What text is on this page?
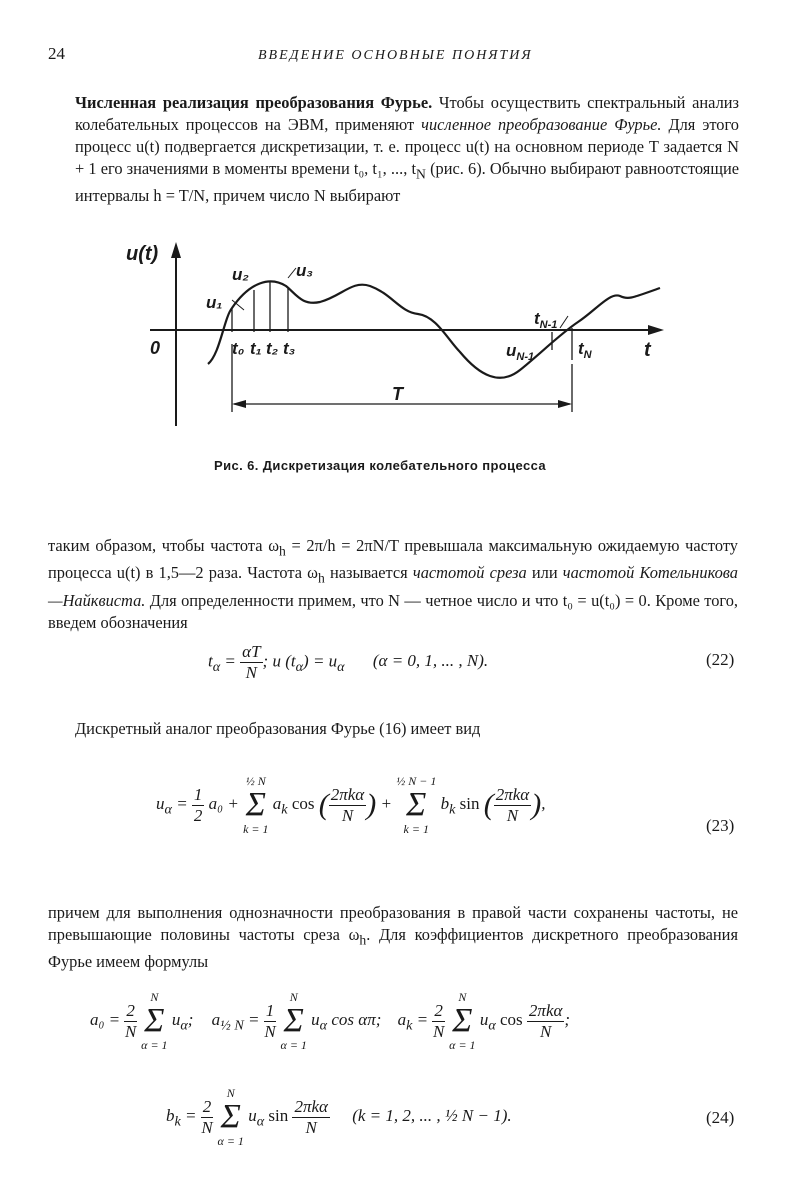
24	ВВЕДЕНИЕ ОСНОВНЫЕ ПОНЯТИЯ
Численная реализация преобразования Фурье. Чтобы осуществить спектральный анализ колебательных процессов на ЭВМ, применяют численное преобразование Фурье. Для этого процесс u(t) подвергается дискретизации, т. е. процесс u(t) на основном периоде T задается N + 1 его значениями в моменты времени t₀, t₁, ..., $t_N$ (рис. 6). Обычно выбирают равноотстоящие интервалы h = T/N, причем число N выбирают
u(t)
t
0
u₁
u₂	u₃
t₀ t₁ t₂ t₃
$t_{N-1}$
$u_{N-1}$	$t_N$
T
Рис. 6. Дискретизация колебательного процесса
таким образом, чтобы частота $\omega_h = 2\pi/h = 2\pi N/T$ превышала максимальную ожидаемую частоту процесса u(t) в 1,5—2 раза. Частота $\omega_h$ называется частотой среза или частотой Котельникова—Найквиста. Для определенности примем, что N — четное число и что t₀ = u(t₀) = 0. Кроме того, введем обозначения
$t_\alpha = \frac{\alpha T}{N}$ ; u $(t_\alpha) = u_\alpha$ (α = 0, 1, ... , N).	(22)
Дискретный аналог преобразования Фурье (16) имеет вид
$u_\alpha = \frac{1}{2} a_0$ +
½ N
Σ
k = 1
$a_k$ cos ( $\frac{\text{2πkα}}{N}$ ) +
½ N − 1
Σ
k = 1
$b_k$ sin ( $\frac{\text{2πkα}}{N}$ ),
(23)
причем для выполнения однозначности преобразования в правой части сохранены частоты, не превышающие половины частоты среза $\omega_h$. Для коэффициентов дискретного преобразования Фурье имеем формулы
$a_0 = \frac{2}{N}$

N
Σ
α = 1
$u_\alpha$; $a_{\frac{1}{2} N} = \frac{1}{N}$

N
Σ
α = 1
$u_\alpha$ cos απ; $a_k = \frac{2}{N}$

N
Σ
α = 1
$u_\alpha$ $\cos \frac{\text{2πkα}}{N}$ ;
$b_k = \frac{2}{N}$

N
Σ
α = 1
$u_\alpha$ $\sin \frac{\text{2πkα}}{N} (k = 1$, 2, ... , ½ N − 1).	(24)
